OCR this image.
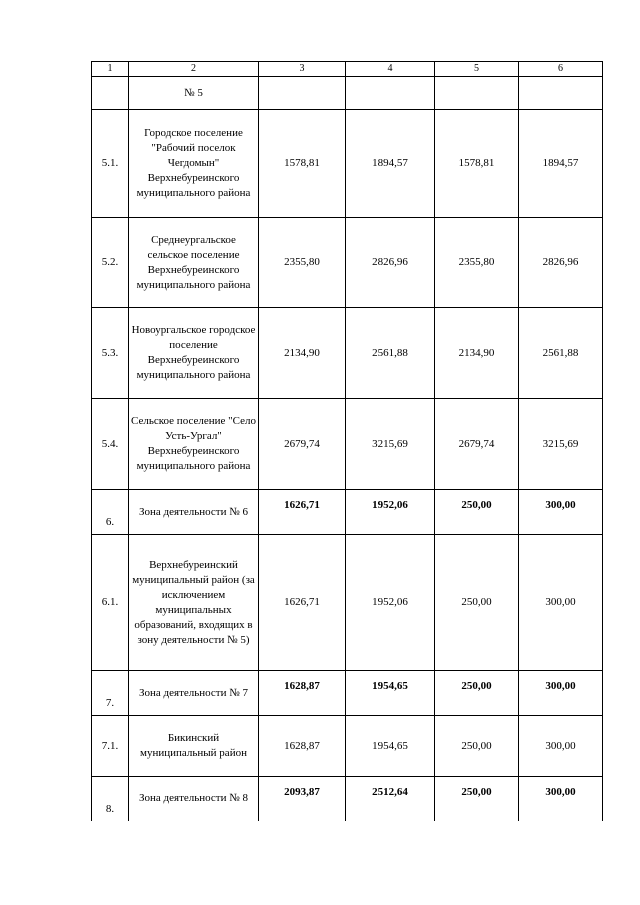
1	2	3	4	5	6
	№ 5				
5.1.	Городское поселение "Рабочий поселок Чегдомын" Верхнебуреинского муниципального района	1578,81	1894,57	1578,81	1894,57
5.2.	Среднеургальское сельское поселение Верхнебуреинского муниципального района	2355,80	2826,96	2355,80	2826,96
5.3.	Новоургальское городское поселение Верхнебуреинского муниципального района	2134,90	2561,88	2134,90	2561,88
5.4.	Сельское поселение "Село Усть-Ургал" Верхнебуреинского муниципального района	2679,74	3215,69	2679,74	3215,69
6.	Зона деятельности № 6	1626,71	1952,06	250,00	300,00
6.1.	Верхнебуреинский муниципальный район (за исключением муниципальных образований, входящих в зону деятельности № 5)	1626,71	1952,06	250,00	300,00
7.	Зона деятельности № 7	1628,87	1954,65	250,00	300,00
7.1.	Бикинский муниципальный район	1628,87	1954,65	250,00	300,00
8.	Зона деятельности № 8	2093,87	2512,64	250,00	300,00
